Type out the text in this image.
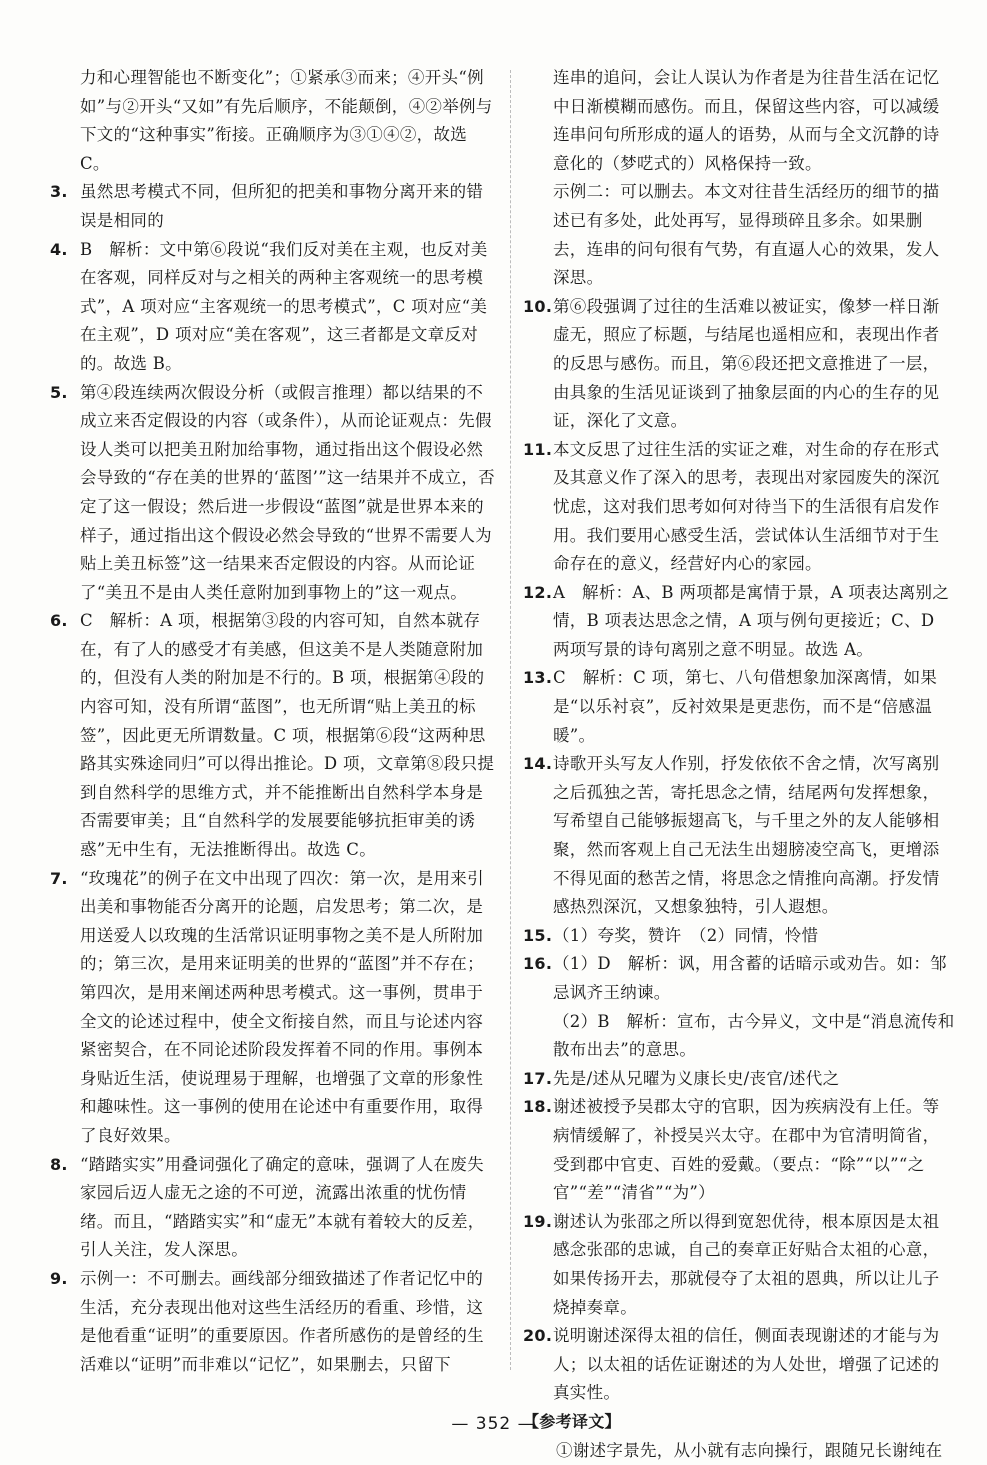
力和心理智能也不断变化”；①紧承③而来；④开头“例如”与②开头“又如”有先后顺序，不能颠倒，④②举例与下文的“这种事实”衔接。正确顺序为③①④②，故选 C。

3. 虽然思考模式不同，但所犯的把美和事物分离开来的错误是相同的
4. B　解析：文中第⑥段说“我们反对美在主观，也反对美在客观，同样反对与之相关的两种主客观统一的思考模式”，A 项对应“主客观统一的思考模式”，C 项对应“美在主观”，D 项对应“美在客观”，这三者都是文章反对的。故选 B。
5. 第④段连续两次假设分析（或假言推理）都以结果的不成立来否定假设的内容（或条件），从而论证观点：先假设人类可以把美丑附加给事物，通过指出这个假设必然会导致的“存在美的世界的‘蓝图’”这一结果并不成立，否定了这一假设；然后进一步假设“蓝图”就是世界本来的样子，通过指出这个假设必然会导致的“世界不需要人为贴上美丑标签”这一结果来否定假设的内容。从而论证了“美丑不是由人类任意附加到事物上的”这一观点。
6. C　解析：A 项，根据第③段的内容可知，自然本就存在，有了人的感受才有美感，但这美不是人类随意附加的，但没有人类的附加是不行的。B 项，根据第④段的内容可知，没有所谓“蓝图”，也无所谓“贴上美丑的标签”，因此更无所谓数量。C 项，根据第⑥段“这两种思路其实殊途同归”可以得出推论。D 项，文章第⑧段只提到自然科学的思维方式，并不能推断出自然科学本身是否需要审美；且“自然科学的发展要能够抗拒审美的诱惑”无中生有，无法推断得出。故选 C。
7. “玫瑰花”的例子在文中出现了四次：第一次，是用来引出美和事物能否分离开的论题，启发思考；第二次，是用送爱人以玫瑰的生活常识证明事物之美不是人所附加的；第三次，是用来证明美的世界的“蓝图”并不存在；第四次，是用来阐述两种思考模式。这一事例，贯串于全文的论述过程中，使全文衔接自然，而且与论述内容紧密契合，在不同论述阶段发挥着不同的作用。事例本身贴近生活，使说理易于理解，也增强了文章的形象性和趣味性。这一事例的使用在论述中有重要作用，取得了良好效果。
8. “踏踏实实”用叠词强化了确定的意味，强调了人在废失家园后迈人虚无之途的不可逆，流露出浓重的忧伤情绪。而且，“踏踏实实”和“虚无”本就有着较大的反差，引人关注，发人深思。
9. 示例一：不可删去。画线部分细致描述了作者记忆中的生活，充分表现出他对这些生活经历的看重、珍惜，这是他看重“证明”的重要原因。作者所感伤的是曾经的生活难以“证明”而非难以“记忆”，如果删去，只留下

连串的追问，会让人误认为作者是为往昔生活在记忆中日渐模糊而感伤。而且，保留这些内容，可以减缓连串问句所形成的逼人的语势，从而与全文沉静的诗意化的（梦呓式的）风格保持一致。

示例二：可以删去。本文对往昔生活经历的细节的描述已有多处，此处再写，显得琐碎且多余。如果删去，连串的问句很有气势，有直逼人心的效果，发人深思。

10. 第⑥段强调了过往的生活难以被证实，像梦一样日渐虚无，照应了标题，与结尾也遥相应和，表现出作者的反思与感伤。而且，第⑥段还把文意推进了一层，由具象的生活见证谈到了抽象层面的内心的生存的见证，深化了文意。
11. 本文反思了过往生活的实证之难，对生命的存在形式及其意义作了深入的思考，表现出对家园废失的深沉忧虑，这对我们思考如何对待当下的生活很有启发作用。我们要用心感受生活，尝试体认生活细节对于生命存在的意义，经营好内心的家园。
12. A　解析：A、B 两项都是寓情于景，A 项表达离别之情，B 项表达思念之情，A 项与例句更接近；C、D 两项写景的诗句离别之意不明显。故选 A。
13. C　解析：C 项，第七、八句借想象加深离情，如果是“以乐衬哀”，反衬效果是更悲伤，而不是“倍感温暖”。
14. 诗歌开头写友人作别，抒发依依不舍之情，次写离别之后孤独之苦，寄托思念之情，结尾两句发挥想象，写希望自己能够振翅高飞，与千里之外的友人能够相聚，然而客观上自己无法生出翅膀凌空高飞，更增添不得见面的愁苦之情，将思念之情推向高潮。抒发情感热烈深沉，又想象独特，引人遐想。
15. （1）夸奖，赞许　（2）同情，怜惜
16. （1）D　解析：讽，用含蓄的话暗示或劝告。如：邹忌讽齐王纳谏。
（2）B　解析：宣布，古今异义，文中是“消息流传和散布出去”的意思。
17. 先是/述从兄曜为义康长史/丧官/述代之
18. 谢述被授予吴郡太守的官职，因为疾病没有上任。等病情缓解了，补授吴兴太守。在郡中为官清明简省，受到郡中官吏、百姓的爱戴。（要点：“除”“以”“之官”“差”“清省”“为”）
19. 谢述认为张邵之所以得到宽恕优待，根本原因是太祖感念张邵的忠诚，自己的奏章正好贴合太祖的心意，如果传扬开去，那就侵夺了太祖的恩典，所以让儿子烧掉奏章。
20. 说明谢述深得太祖的信任，侧面表现谢述的才能与为人；以太祖的话佐证谢述的为人处世，增强了记述的真实性。

【参考译文】

①谢述字景先，从小就有志向操行，跟随兄长谢纯在

— 352 —
